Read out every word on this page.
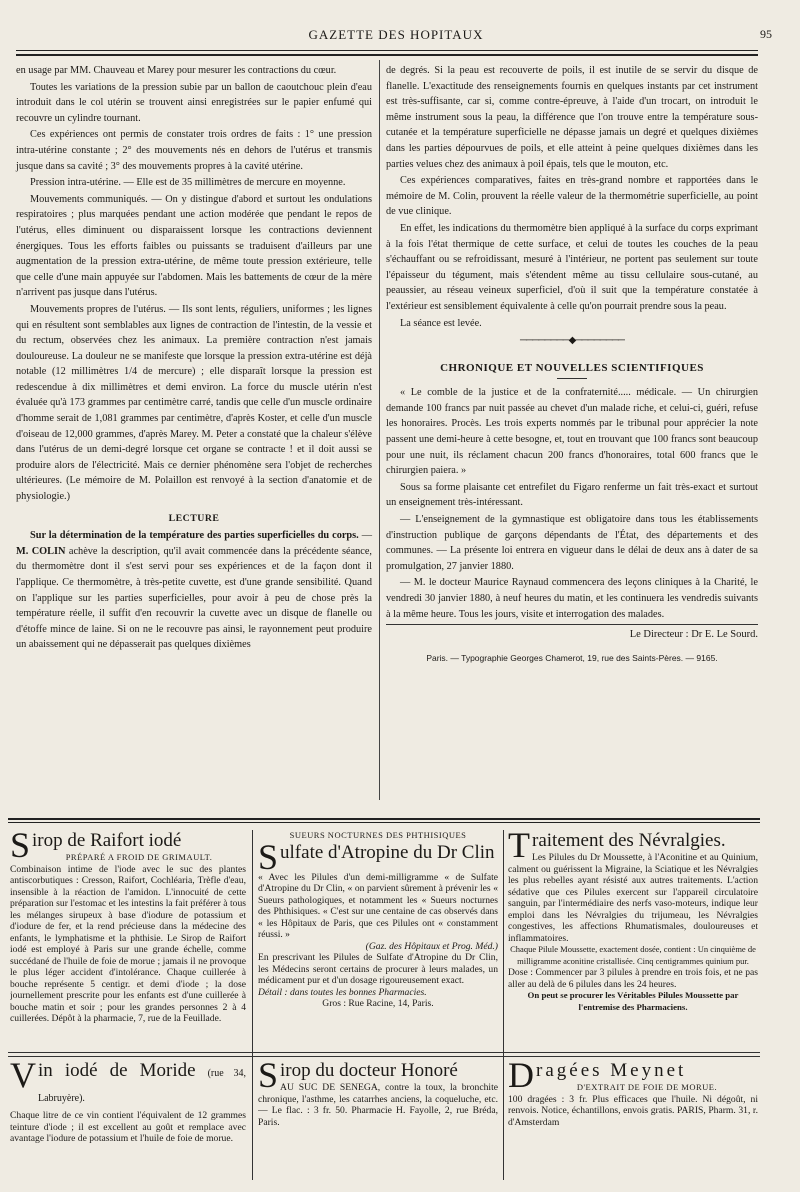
GAZETTE DES HOPITAUX	95

en usage par MM. Chauveau et Marey pour mesurer les contractions du cœur.

Toutes les variations de la pression subie par un ballon de caoutchouc plein d'eau introduit dans le col utérin se trouvent ainsi enregistrées sur le papier enfumé qui recouvre un cylindre tournant.

Ces expériences ont permis de constater trois ordres de faits : 1° une pression intra-utérine constante ; 2° des mouvements nés en dehors de l'utérus et transmis jusque dans sa cavité ; 3° des mouvements propres à la cavité utérine.

Pression intra-utérine. — Elle est de 35 millimètres de mercure en moyenne.

Mouvements communiqués. — On y distingue d'abord et surtout les ondulations respiratoires ; plus marquées pendant une action modérée que pendant le repos de l'utérus, elles diminuent ou disparaissent lorsque les contractions deviennent énergiques. Tous les efforts faibles ou puissants se traduisent d'ailleurs par une augmentation de la pression extra-utérine, de même toute pression extérieure, telle que celle d'une main appuyée sur l'abdomen. Mais les battements de cœur de la mère n'arrivent pas jusque dans l'utérus.

Mouvements propres de l'utérus. — Ils sont lents, réguliers, uniformes ; les lignes qui en résultent sont semblables aux lignes de contraction de l'intestin, de la vessie et du rectum, observées chez les animaux. La première contraction n'est jamais douloureuse. La douleur ne se manifeste que lorsque la pression extra-utérine est déjà notable (12 millimètres 1/4 de mercure) ; elle disparaît lorsque la pression est redescendue à dix millimètres et demi environ. La force du muscle utérin n'est évaluée qu'à 173 grammes par centimètre carré, tandis que celle d'un muscle ordinaire d'homme serait de 1,081 grammes par centimètre, d'après Koster, et celle d'un muscle d'oiseau de 12,000 grammes, d'après Marey. M. Peter a constaté que la chaleur s'élève dans l'utérus de un demi-degré lorsque cet organe se contracte ! et il doit aussi se produire alors de l'électricité. Mais ce dernier phénomène sera l'objet de recherches ultérieures. (Le mémoire de M. Polaillon est renvoyé à la section d'anatomie et de physiologie.)

LECTURE

Sur la détermination de la température des parties superficielles du corps. — M. COLIN achève la description, qu'il avait commencée dans la précédente séance, du thermomètre dont il s'est servi pour ses expériences et de la façon dont il l'applique. Ce thermomètre, à très-petite cuvette, est d'une grande sensibilité. Quand on l'applique sur les parties superficielles, pour avoir à peu de chose près la température réelle, il suffit d'en recouvrir la cuvette avec un disque de flanelle ou d'étoffe mince de laine. Si on ne le recouvre pas ainsi, le rayonnement peut produire un abaissement qui ne dépasserait pas quelques dixièmes

de degrés. Si la peau est recouverte de poils, il est inutile de se servir du disque de flanelle. L'exactitude des renseignements fournis en quelques instants par cet instrument est très-suffisante, car si, comme contre-épreuve, à l'aide d'un trocart, on introduit le même instrument sous la peau, la différence que l'on trouve entre la température sous-cutanée et la température superficielle ne dépasse jamais un degré et quelques dixièmes dans les parties dépourvues de poils, et elle atteint à peine quelques dixièmes dans les parties velues chez des animaux à poil épais, tels que le mouton, etc.

Ces expériences comparatives, faites en très-grand nombre et rapportées dans le mémoire de M. Colin, prouvent la réelle valeur de la thermométrie superficielle, au point de vue clinique.

En effet, les indications du thermomètre bien appliqué à la surface du corps exprimant à la fois l'état thermique de cette surface, et celui de toutes les couches de la peau s'échauffant ou se refroidissant, mesuré à l'intérieur, ne portent pas seulement sur toute l'épaisseur du tégument, mais s'étendent même au tissu cellulaire sous-cutané, au peaussier, au réseau veineux superficiel, d'où il suit que la température constatée à l'extérieur est sensiblement équivalente à celle qu'on pourrait prendre sous la peau.

La séance est levée.

────────◆────────
CHRONIQUE ET NOUVELLES SCIENTIFIQUES

« Le comble de la justice et de la confraternité..... médicale. — Un chirurgien demande 100 francs par nuit passée au chevet d'un malade riche, et celui-ci, guéri, refuse les honoraires. Procès. Les trois experts nommés par le tribunal pour apprécier la note passent une demi-heure à cette besogne, et, tout en trouvant que 100 francs sont beaucoup pour une nuit, ils réclament chacun 200 francs d'honoraires, total 600 francs que le chirurgien paiera. »

Sous sa forme plaisante cet entrefilet du Figaro renferme un fait très-exact et surtout un enseignement très-intéressant.

— L'enseignement de la gymnastique est obligatoire dans tous les établissements d'instruction publique de garçons dépendants de l'État, des départements et des communes. — La présente loi entrera en vigueur dans le délai de deux ans à dater de sa promulgation, 27 janvier 1880.

— M. le docteur Maurice Raynaud commencera des leçons cliniques à la Charité, le vendredi 30 janvier 1880, à neuf heures du matin, et les continuera les vendredis suivants à la même heure. Tous les jours, visite et interrogation des malades.

Le Directeur : Dr E. Le Sourd.
Paris. — Typographie Georges Chamerot, 19, rue des Saints-Pères. — 9165.
Sirop de Raifort iodé
PRÉPARÉ A FROID DE GRIMAULT.

Combinaison intime de l'iode avec le suc des plantes antiscorbutiques : Cresson, Raifort, Cochléaria, Trèfle d'eau, insensible à la réaction de l'amidon. L'innocuité de cette préparation sur l'estomac et les intestins la fait préférer à tous les mélanges sirupeux à base d'iodure de potassium et d'iodure de fer, et la rend précieuse dans la médecine des enfants, le lymphatisme et la phthisie. Le Sirop de Raifort iodé est employé à Paris sur une grande échelle, comme succédané de l'huile de foie de morue ; jamais il ne provoque le plus léger accident d'intolérance. Chaque cuillerée à bouche représente 5 centigr. et demi d'iode ; la dose journellement prescrite pour les enfants est d'une cuillerée à bouche matin et soir ; pour les grandes personnes 2 à 4 cuillerées. Dépôt à la pharmacie, 7, rue de la Feuillade.

SUEURS NOCTURNES DES PHTHISIQUES
Sulfate d'Atropine du Dr Clin

« Avec les Pilules d'un demi-milligramme « de Sulfate d'Atropine du Dr Clin, « on parvient sûrement à prévenir les « Sueurs pathologiques, et notamment les « Sueurs nocturnes des Phthisiques. « C'est sur une centaine de cas observés dans « les Hôpitaux de Paris, que ces Pilules ont « constamment réussi. »

(Gaz. des Hôpitaux et Prog. Méd.)

En prescrivant les Pilules de Sulfate d'Atropine du Dr Clin, les Médecins seront certains de procurer à leurs malades, un médicament pur et d'un dosage rigoureusement exact.

Détail : dans toutes les bonnes Pharmacies.

Gros : Rue Racine, 14, Paris.

Traitement des Névralgies.

Les Pilules du Dr Moussette, à l'Aconitine et au Quinium, calment ou guérissent la Migraine, la Sciatique et les Névralgies les plus rebelles ayant résisté aux autres traitements. L'action sédative que ces Pilules exercent sur l'appareil circulatoire sanguin, par l'intermédiaire des nerfs vaso-moteurs, indique leur emploi dans les Névralgies du trijumeau, les Névralgies congestives, les affections Rhumatismales, douloureuses et inflammatoires.

Chaque Pilule Moussette, exactement dosée, contient : Un cinquième de milligramme aconitine cristallisée. Cinq centigrammes quinium pur.

Dose : Commencer par 3 pilules à prendre en trois fois, et ne pas aller au delà de 6 pilules dans les 24 heures.

On peut se procurer les Véritables Pilules Moussette par l'entremise des Pharmaciens.

Vin iodé de Moride (rue 34, Labruyère).

Chaque litre de ce vin contient l'équivalent de 12 grammes teinture d'iode ; il est excellent au goût et remplace avec avantage l'iodure de potassium et l'huile de foie de morue.

Sirop du docteur Honoré

AU SUC DE SENEGA, contre la toux, la bronchite chronique, l'asthme, les catarrhes anciens, la coqueluche, etc. — Le flac. : 3 fr. 50. Pharmacie H. Fayolle, 2, rue Bréda, Paris.

Dragées Meynet
D'EXTRAIT DE FOIE DE MORUE.

100 dragées : 3 fr. Plus efficaces que l'huile. Ni dégoût, ni renvois. Notice, échantillons, envois gratis. PARIS, Pharm. 31, r. d'Amsterdam
